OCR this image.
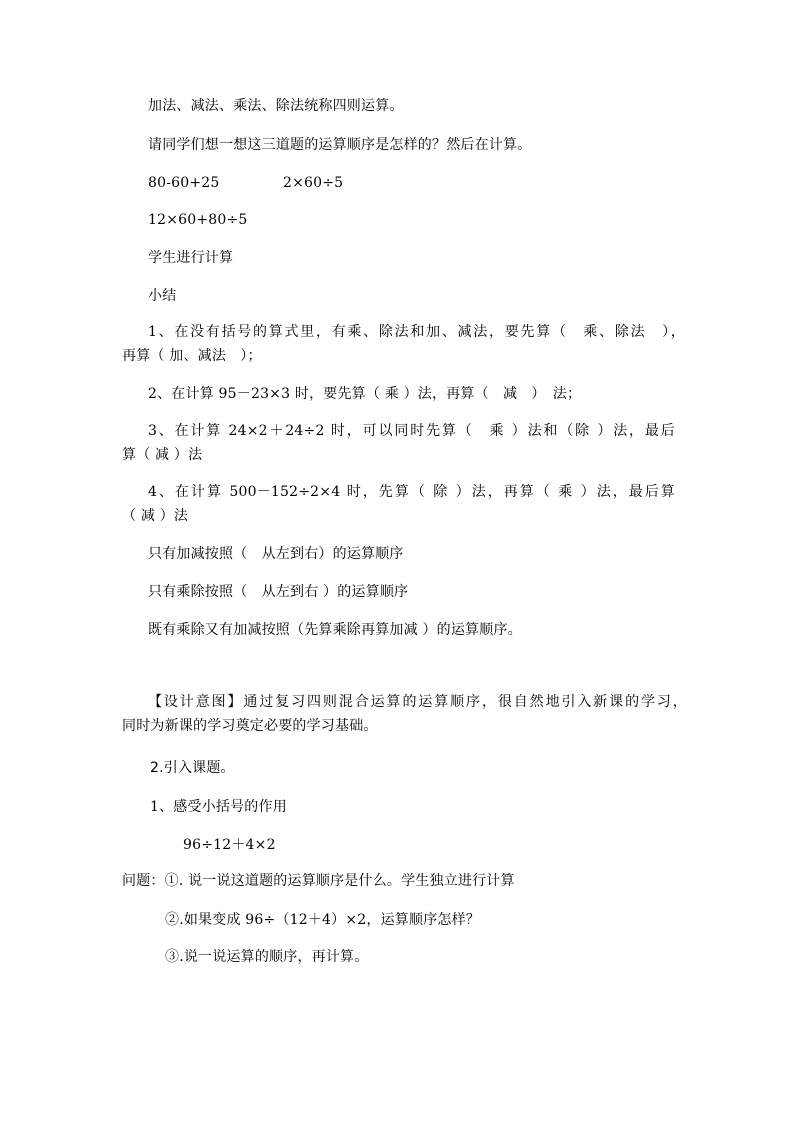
加法、减法、乘法、除法统称四则运算。
请同学们想一想这三道题的运算顺序是怎样的？然后在计算。
80-60+25	2×60÷5
12×60+80÷5
学生进行计算
小结
1、在没有括号的算式里，有乘、除法和加、减法，要先算（　乘、除法　），
再算（ 加、减法　）；
2、在计算 95－23×3 时，要先算（ 乘 ）法，再算（　减　）　法；
3、在计算 24×2＋24÷2 时，可以同时先算（　乘 ）法和（除 ）法，最后
算（ 减 ）法
4、在计算 500－152÷2×4 时，先算（ 除 ）法，再算（ 乘 ）法，最后算
（ 减 ）法
只有加减按照（　从左到右）的运算顺序
只有乘除按照（　从左到右 ）的运算顺序
既有乘除又有加减按照（先算乘除再算加减 ）的运算顺序。
【设计意图】通过复习四则混合运算的运算顺序，很自然地引入新课的学习，
同时为新课的学习奠定必要的学习基础。
2.引入课题。
1、感受小括号的作用
96÷12＋4×2
问题：①. 说一说这道题的运算顺序是什么。学生独立进行计算
②.如果变成 96÷（12＋4）×2，运算顺序怎样？
③.说一说运算的顺序，再计算。
